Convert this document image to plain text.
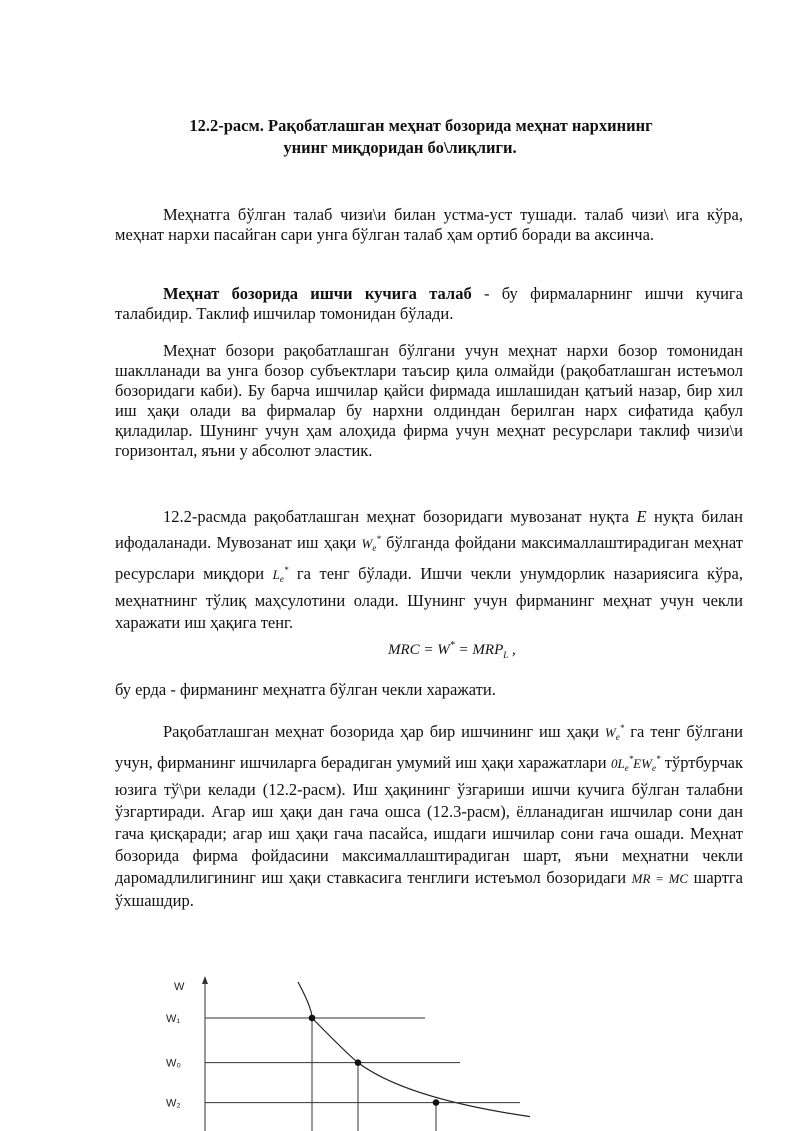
12.2-расм. Рақобатлашган меҳнат бозорида меҳнат нархининг
унинг миқдоридан бо\лиқлиги.

Меҳнатга бўлган талаб чизи\и билан устма-уст тушади. талаб чизи\ ига кўра, меҳнат нархи пасайган сари унга бўлган талаб ҳам ортиб боради ва аксинча.

Меҳнат бозорида ишчи кучига талаб - бу фирмаларнинг ишчи кучига талабидир. Таклиф ишчилар томонидан бўлади.

Меҳнат бозори рақобатлашган бўлгани учун меҳнат нархи бозор томонидан шаклланади ва унга бозор субъектлари таъсир қила олмайди (рақобатлашган истеъмол бозоридаги каби). Бу барча ишчилар қайси фирмада ишлашидан қатъий назар, бир хил иш ҳақи олади ва фирмалар бу нархни олдиндан берилган нарх сифатида қабул қиладилар. Шунинг учун ҳам алоҳида фирма учун меҳнат ресурслари таклиф чизи\и горизонтал, яъни у абсолют эластик.

12.2-расмда рақобатлашган меҳнат бозоридаги мувозанат нуқта E нуқта билан ифодаланади. Мувозанат иш ҳақи $W_e^*$ бўлганда фойдани максималлаштирадиган меҳнат ресурслари миқдори $L_e^*$ га тенг бўлади. Ишчи чекли унумдорлик назариясига кўра, меҳнатнинг тўлиқ маҳсулотини олади. Шунинг учун фирманинг меҳнат учун чекли харажати иш ҳақига тенг.

MRC = $W^* = MRP_L$ ,

бу ерда - фирманинг меҳнатга бўлган чекли харажати.

Рақобатлашган меҳнат бозорида ҳар бир ишчининг иш ҳақи $W_e^*$ га тенг бўлгани учун, фирманинг ишчиларга берадиган умумий иш ҳақи харажатлари $0L_e^*EW_e^*$ тўртбурчак юзига тў\ри келади (12.2-расм). Иш ҳақининг ўзгариши ишчи кучига бўлган талабни ўзгартиради. Агар иш ҳақи дан гача ошса (12.3-расм), ёлланадиган ишчилар сони дан гача қисқаради; агар иш ҳақи гача пасайса, ишдаги ишчилар сони гача ошади. Меҳнат бозорида фирма фойдасини максималлаштирадиган шарт, яъни меҳнатни чекли даромадлилигининг иш ҳақи ставкасига тенглиги истеъмол бозоридаги MR = MC шартга ўхшашдир.

W
W₁
W₀
W₂
